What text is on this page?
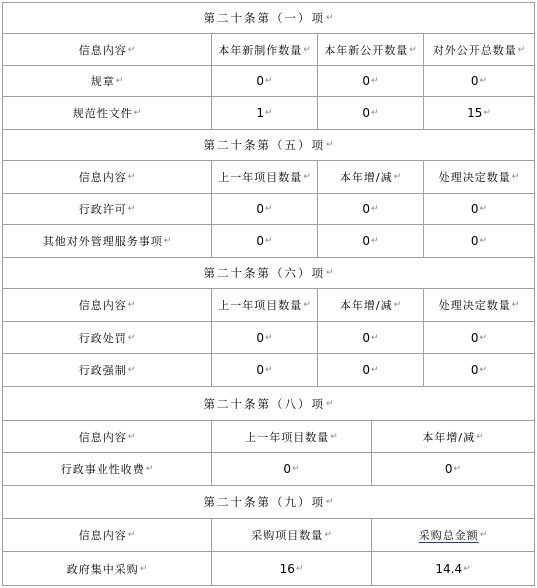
第二十条第（一）项 ↵
信息内容 ↵	本年新制作数量 ↵ 本年新公开数量 ↵ 对外公开总数量 ↵
规章 ↵	0 ↵	0 ↵	0 ↵
规范性文件 ↵	1 ↵	0 ↵	15 ↵
第二十条第（五）项 ↵
信息内容 ↵	上一年项目数量 ↵	本年增/减 ↵	处理决定数量 ↵
行政许可 ↵	0 ↵	0 ↵	0 ↵
其他对外管理服务事项 ↵	0 ↵	0 ↵	0 ↵
第二十条第（六）项 ↵
信息内容 ↵	上一年项目数量 ↵	本年增/减 ↵	处理决定数量 ↵
行政处罚 ↵	0 ↵	0 ↵	0 ↵
行政强制 ↵	0 ↵	0 ↵	0 ↵
第二十条第（八）项 ↵
信息内容 ↵	上一年项目数量 ↵	本年增/减 ↵
行政事业性收费 ↵	0 ↵	0 ↵
第二十条第（九）项 ↵
信息内容 ↵	采购项目数量 ↵	采购总金额 ↵
政府集中采购 ↵	16 ↵	14.4 ↵
